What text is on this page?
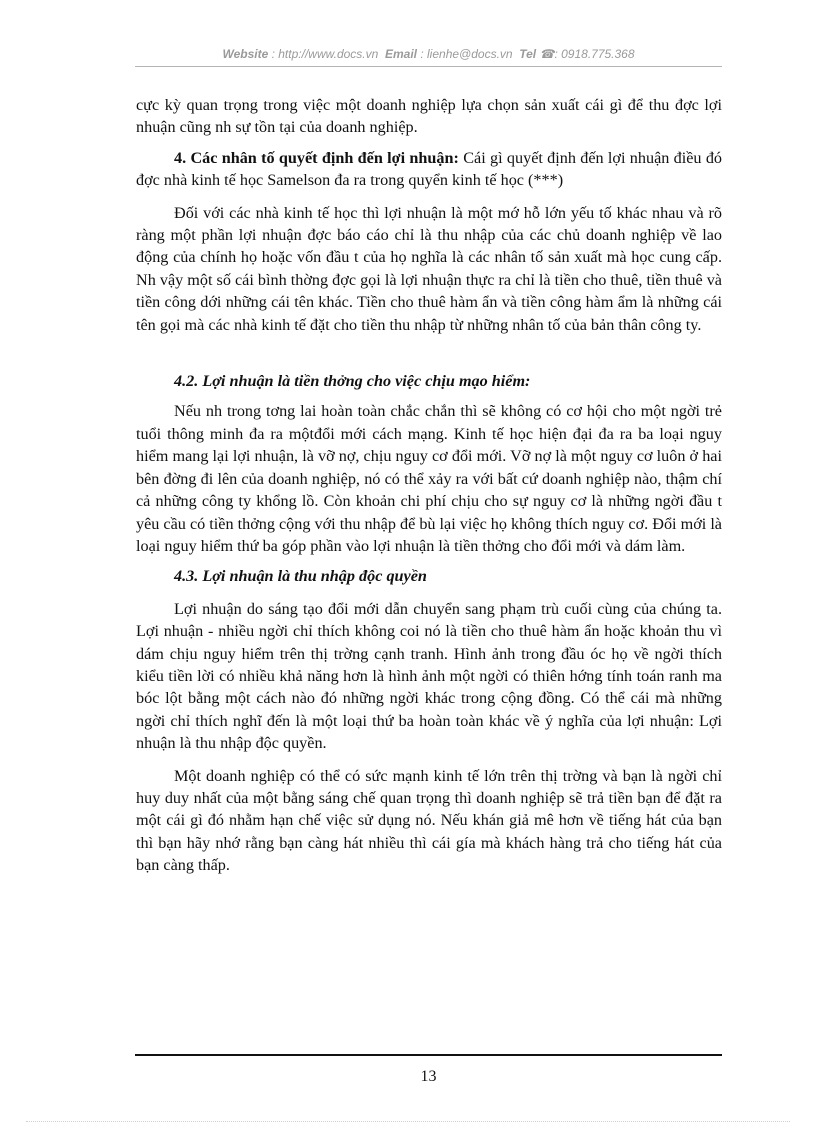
Website : http://www.docs.vn Email : lienhe@docs.vn Tel ☎: 0918.775.368

cực kỳ quan trọng trong việc một doanh nghiệp lựa chọn sản xuất cái gì để thu đợc lợi nhuận cũng nh sự tồn tại của doanh nghiệp.

4. Các nhân tố quyết định đến lợi nhuận: Cái gì quyết định đến lợi nhuận điều đó đợc nhà kinh tế học Samelson đa ra trong quyển kinh tế học (***)

Đối với các nhà kinh tế học thì lợi nhuận là một mớ hỗ lớn yếu tố khác nhau và rõ ràng một phần lợi nhuận đợc báo cáo chỉ là thu nhập của các chủ doanh nghiệp về lao động của chính họ hoặc vốn đầu t của họ nghĩa là các nhân tố sản xuất mà học cung cấp. Nh vậy một số cái bình thờng đợc gọi là lợi nhuận thực ra chỉ là tiền cho thuê, tiền thuê và tiền công dới những cái tên khác. Tiền cho thuê hàm ẩn và tiền công hàm ẩm là những cái tên gọi mà các nhà kinh tế đặt cho tiền thu nhập từ những nhân tố của bản thân công ty.

4.2. Lợi nhuận là tiền thởng cho việc chịu mạo hiểm:

Nếu nh trong tơng lai hoàn toàn chắc chắn thì sẽ không có cơ hội cho một ngời trẻ tuổi thông minh đa ra mộtđổi mới cách mạng. Kinh tế học hiện đại đa ra ba loại nguy hiểm mang lại lợi nhuận, là vỡ nợ, chịu nguy cơ đổi mới. Vỡ nợ là một nguy cơ luôn ở hai bên đờng đi lên của doanh nghiệp, nó có thể xảy ra với bất cứ doanh nghiệp nào, thậm chí cả những công ty khổng lồ. Còn khoản chi phí chịu cho sự nguy cơ là những ngời đầu t yêu cầu có tiền thởng cộng với thu nhập để bù lại việc họ không thích nguy cơ. Đổi mới là loại nguy hiểm thứ ba góp phần vào lợi nhuận là tiền thởng cho đổi mới và dám làm.

4.3. Lợi nhuận là thu nhập độc quyền

Lợi nhuận do sáng tạo đổi mới dẫn chuyển sang phạm trù cuối cùng của chúng ta. Lợi nhuận - nhiều ngời chỉ thích không coi nó là tiền cho thuê hàm ẩn hoặc khoản thu vì dám chịu nguy hiểm trên thị trờng cạnh tranh. Hình ảnh trong đầu óc họ về ngời thích kiểu tiền lời có nhiều khả năng hơn là hình ảnh một ngời có thiên hớng tính toán ranh ma bóc lột bằng một cách nào đó những ngời khác trong cộng đồng. Có thể cái mà những ngời chỉ thích nghĩ đến là một loại thứ ba hoàn toàn khác về ý nghĩa của lợi nhuận: Lợi nhuận là thu nhập độc quyền.

Một doanh nghiệp có thể có sức mạnh kinh tế lớn trên thị trờng và bạn là ngời chỉ huy duy nhất của một bằng sáng chế quan trọng thì doanh nghiệp sẽ trả tiền bạn để đặt ra một cái gì đó nhằm hạn chế việc sử dụng nó. Nếu khán giả mê hơn về tiếng hát của bạn thì bạn hãy nhớ rằng bạn càng hát nhiều thì cái gía mà khách hàng trả cho tiếng hát của bạn càng thấp.

13
